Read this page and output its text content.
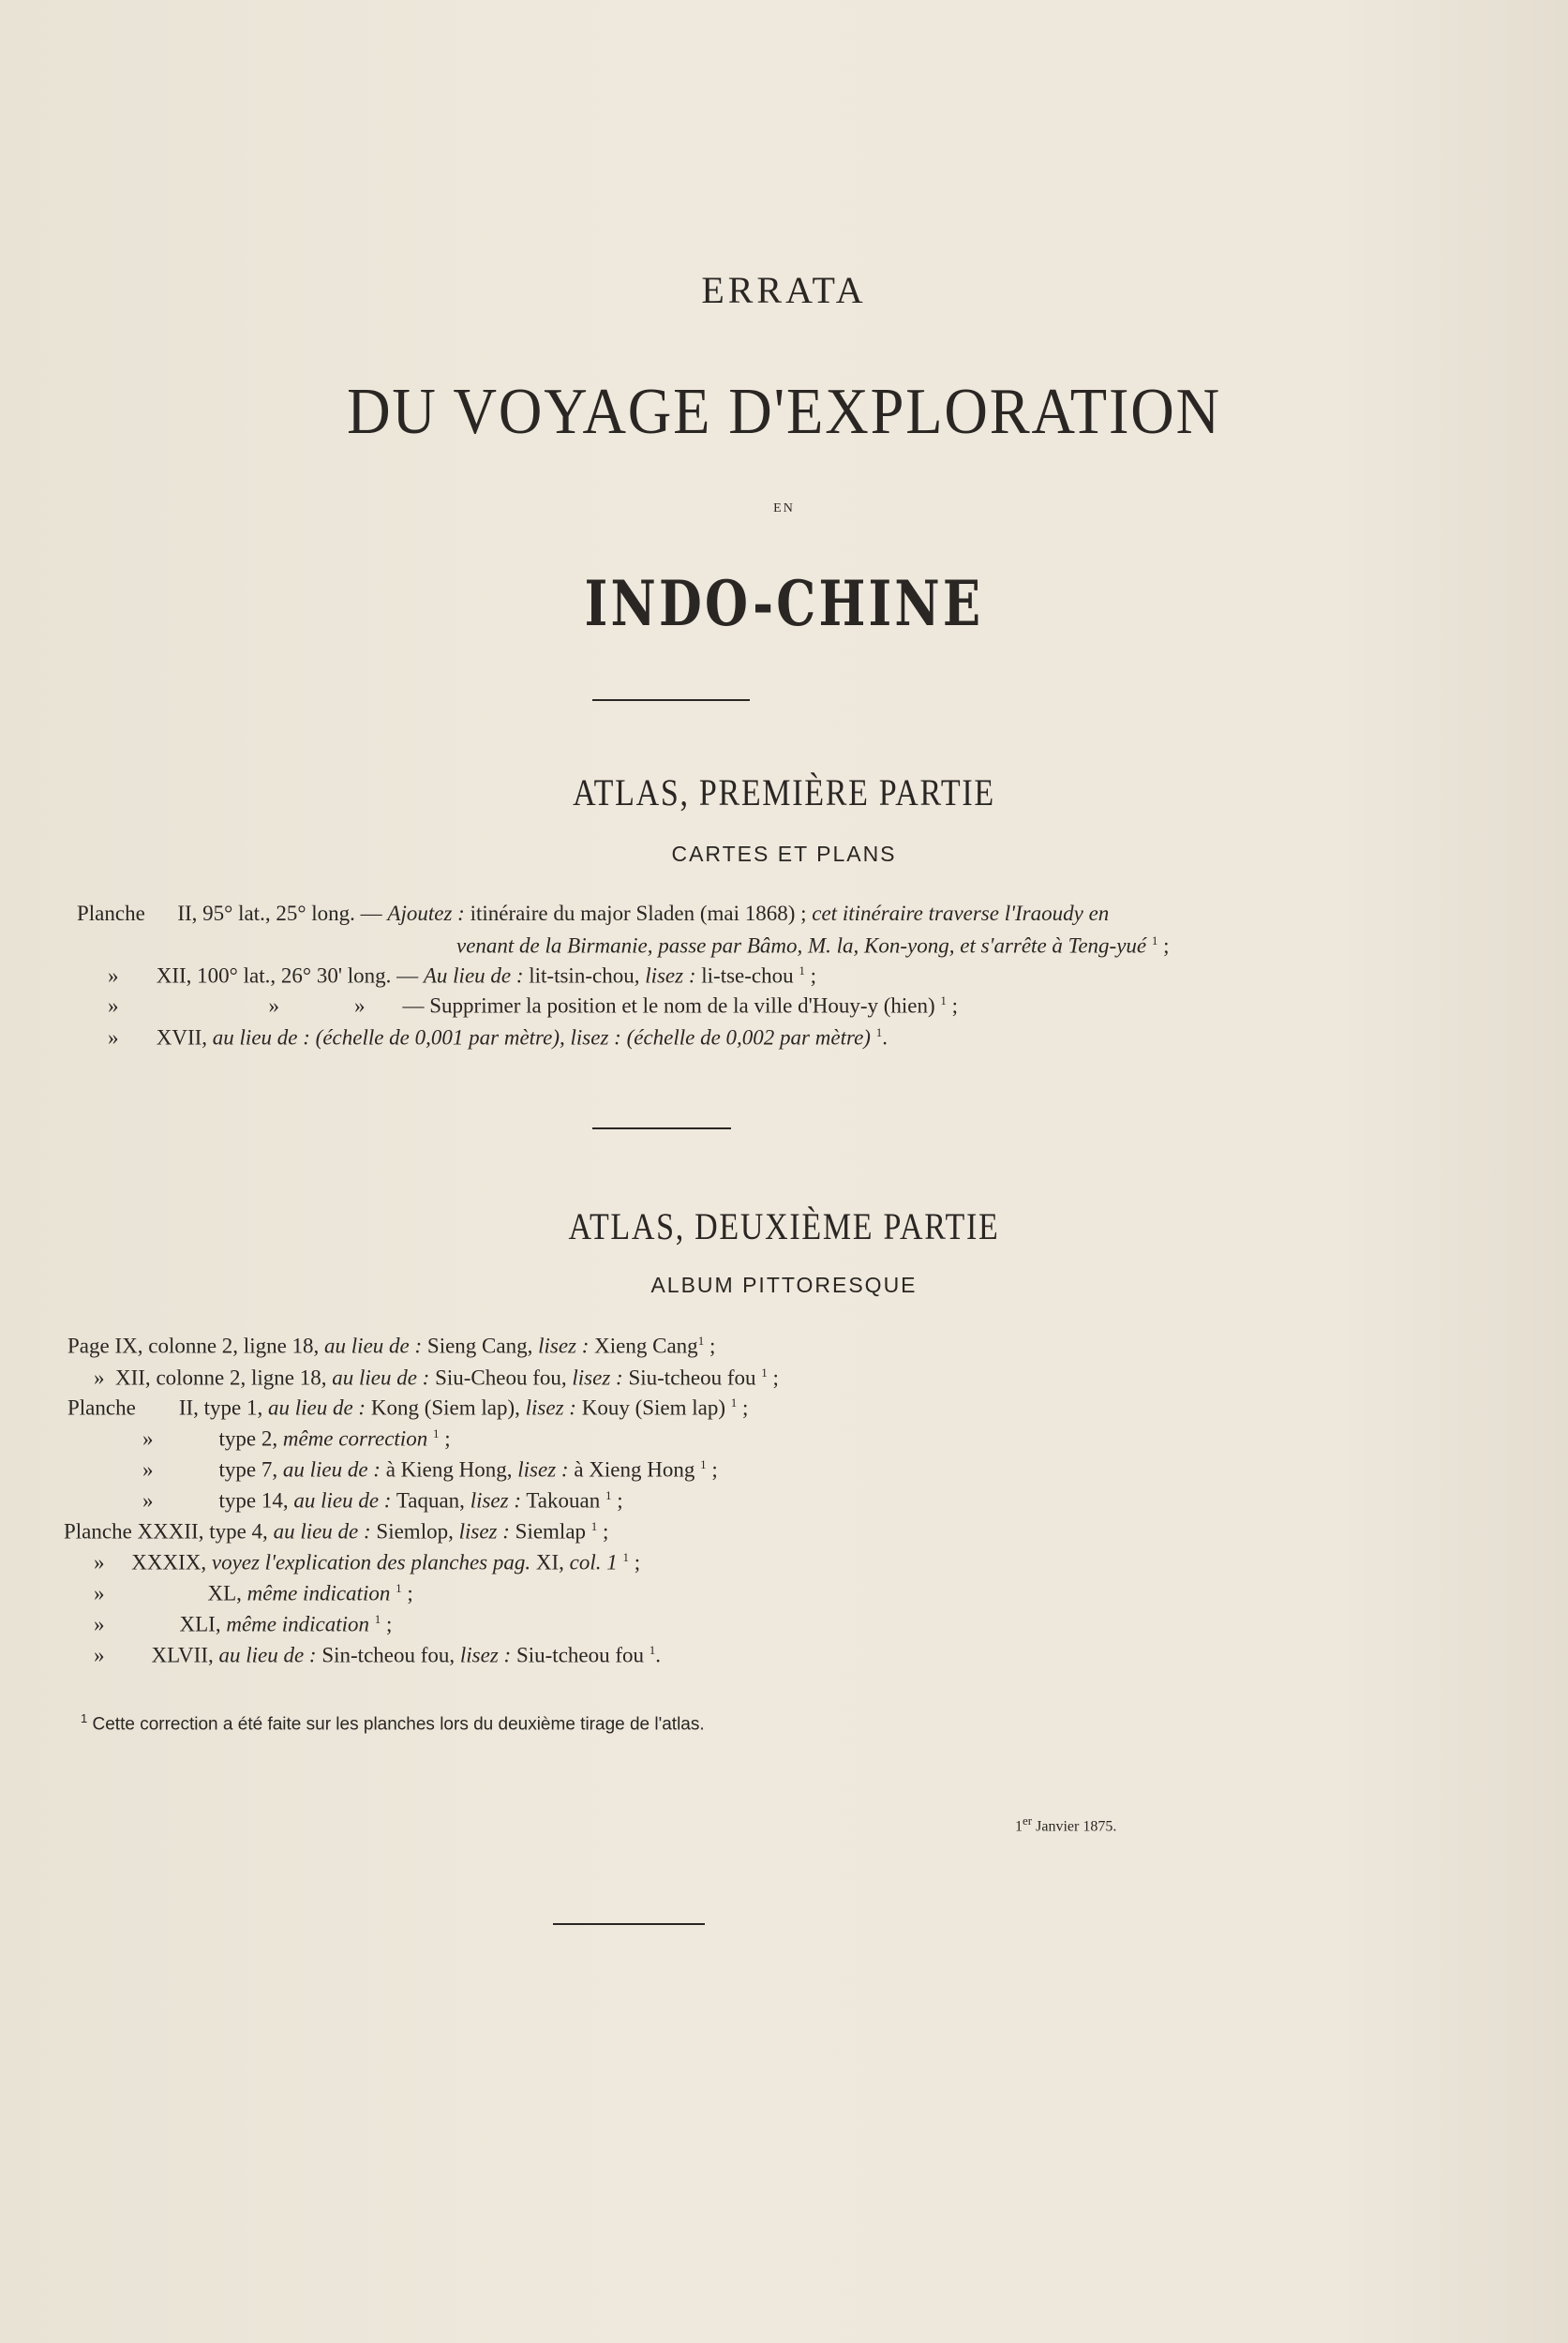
ERRATA
DU VOYAGE D'EXPLORATION
EN
INDO-CHINE
ATLAS, PREMIÈRE PARTIE
CARTES ET PLANS
Planche II, 95° lat., 25° long. — Ajoutez : itinéraire du major Sladen (mai 1868) ; cet itinéraire traverse l'Iraoudy en
venant de la Birmanie, passe par Bâmo, M. la, Kon-yong, et s'arrête à Teng-yué $^1$ ;
» XII, 100° lat., 26° 30' long. — Au lieu de : lit-tsin-chou, lisez : li-tse-chou $^1$ ;
»	»	» — Supprimer la position et le nom de la ville d'Houy-y (hien) $^1$ ;
» XVII, au lieu de : (échelle de 0,001 par mètre), lisez : (échelle de 0,002 par mètre) $^1$.
ATLAS, DEUXIÈME PARTIE
ALBUM PITTORESQUE
Page IX, colonne 2, ligne 18, au lieu de : Sieng Cang, lisez : Xieng Cang$^1$ ;
» XII, colonne 2, ligne 18, au lieu de : Siu-Cheou fou, lisez : Siu-tcheou fou $^1$ ;
Planche II, type 1, au lieu de : Kong (Siem lap), lisez : Kouy (Siem lap) $^1$ ;
»	type 2, même correction $^1$ ;
»	type 7, au lieu de : à Kieng Hong, lisez : à Xieng Hong $^1$ ;
»	type 14, au lieu de : Taquan, lisez : Takouan $^1$ ;
Planche XXXII, type 4, au lieu de : Siemlop, lisez : Siemlap $^1$ ;
» XXXIX, voyez l'explication des planches pag. XI, col. 1 $^1$ ;
»	XL, même indication $^1$ ;
»	XLI, même indication $^1$ ;
» XLVII, au lieu de : Sin-tcheou fou, lisez : Siu-tcheou fou $^1$.
$^1$ Cette correction a été faite sur les planches lors du deuxième tirage de l'atlas.
1er Janvier 1875.
